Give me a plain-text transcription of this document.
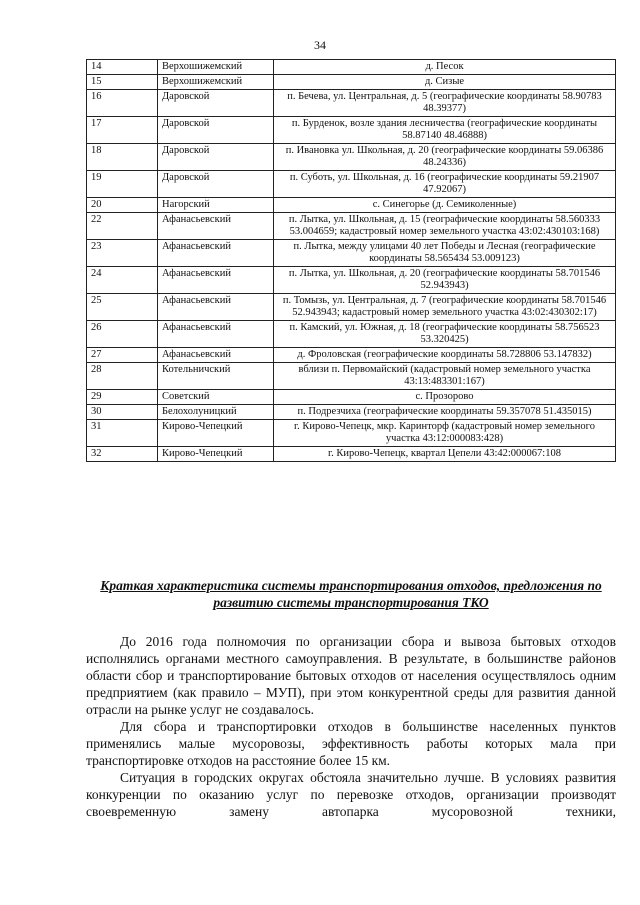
34
14	Верхошижемский	д. Песок
15	Верхошижемский	д. Сизые
16	Даровской	п. Бечева, ул. Центральная, д. 5 (географические координаты 58.90783 48.39377)
17	Даровской	п. Бурденок, возле здания лесничества (географические координаты 58.87140 48.46888)
18	Даровской	п. Ивановка ул. Школьная, д. 20 (географические координаты 59.06386 48.24336)
19	Даровской	п. Суботь, ул. Школьная, д. 16 (географические координаты 59.21907 47.92067)
20	Нагорский	с. Синегорье (д. Семиколенные)
22	Афанасьевский	п. Лытка, ул. Школьная, д. 15 (географические координаты 58.560333 53.004659; кадастровый номер земельного участка 43:02:430103:168)
23	Афанасьевский	п. Лытка, между улицами 40 лет Победы и Лесная (географические координаты 58.565434 53.009123)
24	Афанасьевский	п. Лытка, ул. Школьная, д. 20 (географические координаты 58.701546 52.943943)
25	Афанасьевский	п. Томызь, ул. Центральная, д. 7 (географические координаты 58.701546 52.943943; кадастровый номер земельного участка 43:02:430302:17)
26	Афанасьевский	п. Камский, ул. Южная, д. 18 (географические координаты 58.756523 53.320425)
27	Афанасьевский	д. Фроловская (географические координаты 58.728806 53.147832)
28	Котельничский	вблизи п. Первомайский (кадастровый номер земельного участка 43:13:483301:167)
29	Советский	с. Прозорово
30	Белохолуницкий	п. Подрезчиха (географические координаты 59.357078 51.435015)
31	Кирово-Чепецкий	г. Кирово-Чепецк, мкр. Каринторф (кадастровый номер земельного участка 43:12:000083:428)
32	Кирово-Чепецкий	г. Кирово-Чепецк, квартал Цепели 43:42:000067:108
Краткая характеристика системы транспортирования отходов, предложения по развитию системы транспортирования ТКО

До 2016 года полномочия по организации сбора и вывоза бытовых отходов исполнялись органами местного самоуправления. В результате, в большинстве районов области сбор и транспортирование бытовых отходов от населения осуществлялось одним предприятием (как правило – МУП), при этом конкурентной среды для развития данной отрасли на рынке услуг не создавалось.

Для сбора и транспортировки отходов в большинстве населенных пунктов применялись малые мусоровозы, эффективность работы которых мала при транспортировке отходов на расстояние более 15 км.

Ситуация в городских округах обстояла значительно лучше. В условиях развития конкуренции по оказанию услуг по перевозке отходов, организации производят своевременную замену автопарка мусоровозной техники,
